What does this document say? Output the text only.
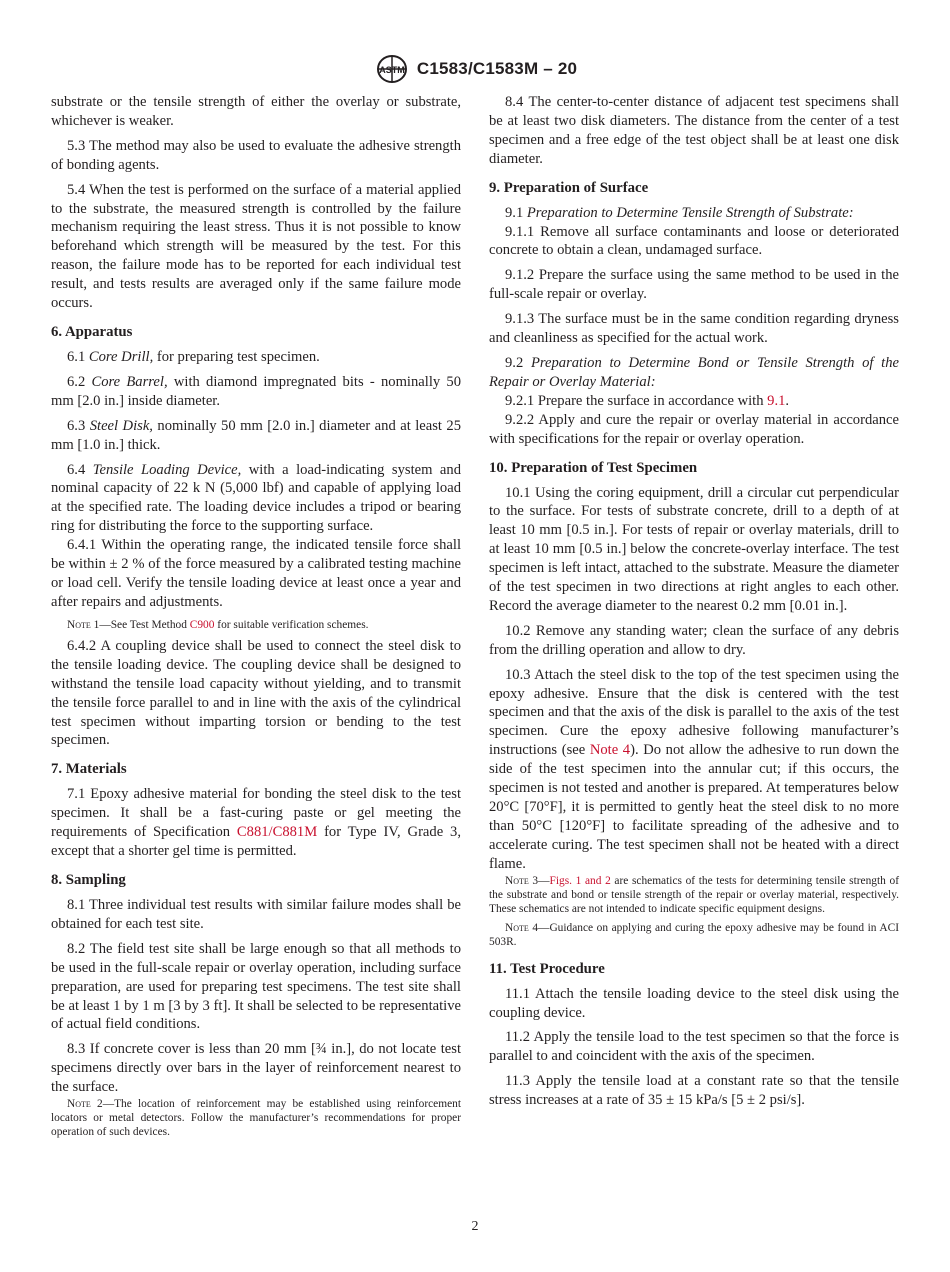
ASTM C1583/C1583M – 20

substrate or the tensile strength of either the overlay or substrate, whichever is weaker.

5.3 The method may also be used to evaluate the adhesive strength of bonding agents.

5.4 When the test is performed on the surface of a material applied to the substrate, the measured strength is controlled by the failure mechanism requiring the least stress. Thus it is not possible to know beforehand which strength will be measured by the test. For this reason, the failure mode has to be reported for each individual test result, and tests results are averaged only if the same failure mode occurs.

6. Apparatus

6.1 Core Drill, for preparing test specimen.

6.2 Core Barrel, with diamond impregnated bits - nominally 50 mm [2.0 in.] inside diameter.

6.3 Steel Disk, nominally 50 mm [2.0 in.] diameter and at least 25 mm [1.0 in.] thick.

6.4 Tensile Loading Device, with a load-indicating system and nominal capacity of 22 k N (5,000 lbf) and capable of applying load at the specified rate. The loading device includes a tripod or bearing ring for distributing the force to the supporting surface.

6.4.1 Within the operating range, the indicated tensile force shall be within ± 2 % of the force measured by a calibrated testing machine or load cell. Verify the tensile loading device at least once a year and after repairs and adjustments.

Note 1—See Test Method C900 for suitable verification schemes.

6.4.2 A coupling device shall be used to connect the steel disk to the tensile loading device. The coupling device shall be designed to withstand the tensile load capacity without yielding, and to transmit the tensile force parallel to and in line with the axis of the cylindrical test specimen without imparting torsion or bending to the test specimen.

7. Materials

7.1 Epoxy adhesive material for bonding the steel disk to the test specimen. It shall be a fast-curing paste or gel meeting the requirements of Specification C881/C881M for Type IV, Grade 3, except that a shorter gel time is permitted.

8. Sampling

8.1 Three individual test results with similar failure modes shall be obtained for each test site.

8.2 The field test site shall be large enough so that all methods to be used in the full-scale repair or overlay operation, including surface preparation, are used for preparing test specimens. The test site shall be at least 1 by 1 m [3 by 3 ft]. It shall be selected to be representative of actual field conditions.

8.3 If concrete cover is less than 20 mm [¾ in.], do not locate test specimens directly over bars in the layer of reinforcement nearest to the surface.

Note 2—The location of reinforcement may be established using reinforcement locators or metal detectors. Follow the manufacturer’s recommendations for proper operation of such devices.

8.4 The center-to-center distance of adjacent test specimens shall be at least two disk diameters. The distance from the center of a test specimen and a free edge of the test object shall be at least one disk diameter.

9. Preparation of Surface

9.1 Preparation to Determine Tensile Strength of Substrate:

9.1.1 Remove all surface contaminants and loose or deteriorated concrete to obtain a clean, undamaged surface.

9.1.2 Prepare the surface using the same method to be used in the full-scale repair or overlay.

9.1.3 The surface must be in the same condition regarding dryness and cleanliness as specified for the actual work.

9.2 Preparation to Determine Bond or Tensile Strength of the Repair or Overlay Material:

9.2.1 Prepare the surface in accordance with 9.1.

9.2.2 Apply and cure the repair or overlay material in accordance with specifications for the repair or overlay operation.

10. Preparation of Test Specimen

10.1 Using the coring equipment, drill a circular cut perpendicular to the surface. For tests of substrate concrete, drill to a depth of at least 10 mm [0.5 in.]. For tests of repair or overlay materials, drill to at least 10 mm [0.5 in.] below the concrete-overlay interface. The test specimen is left intact, attached to the substrate. Measure the diameter of the test specimen in two directions at right angles to each other. Record the average diameter to the nearest 0.2 mm [0.01 in.].

10.2 Remove any standing water; clean the surface of any debris from the drilling operation and allow to dry.

10.3 Attach the steel disk to the top of the test specimen using the epoxy adhesive. Ensure that the disk is centered with the test specimen and that the axis of the disk is parallel to the axis of the test specimen. Cure the epoxy adhesive following manufacturer’s instructions (see Note 4). Do not allow the adhesive to run down the side of the test specimen into the annular cut; if this occurs, the specimen is not tested and another is prepared. At temperatures below 20°C [70°F], it is permitted to gently heat the steel disk to no more than 50°C [120°F] to facilitate spreading of the adhesive and to accelerate curing. The test specimen shall not be heated with a direct flame.

Note 3—Figs. 1 and 2 are schematics of the tests for determining tensile strength of the substrate and bond or tensile strength of the repair or overlay material, respectively. These schematics are not intended to indicate specific equipment designs.

Note 4—Guidance on applying and curing the epoxy adhesive may be found in ACI 503R.

11. Test Procedure

11.1 Attach the tensile loading device to the steel disk using the coupling device.

11.2 Apply the tensile load to the test specimen so that the force is parallel to and coincident with the axis of the specimen.

11.3 Apply the tensile load at a constant rate so that the tensile stress increases at a rate of 35 ± 15 kPa/s [5 ± 2 psi/s].

2
